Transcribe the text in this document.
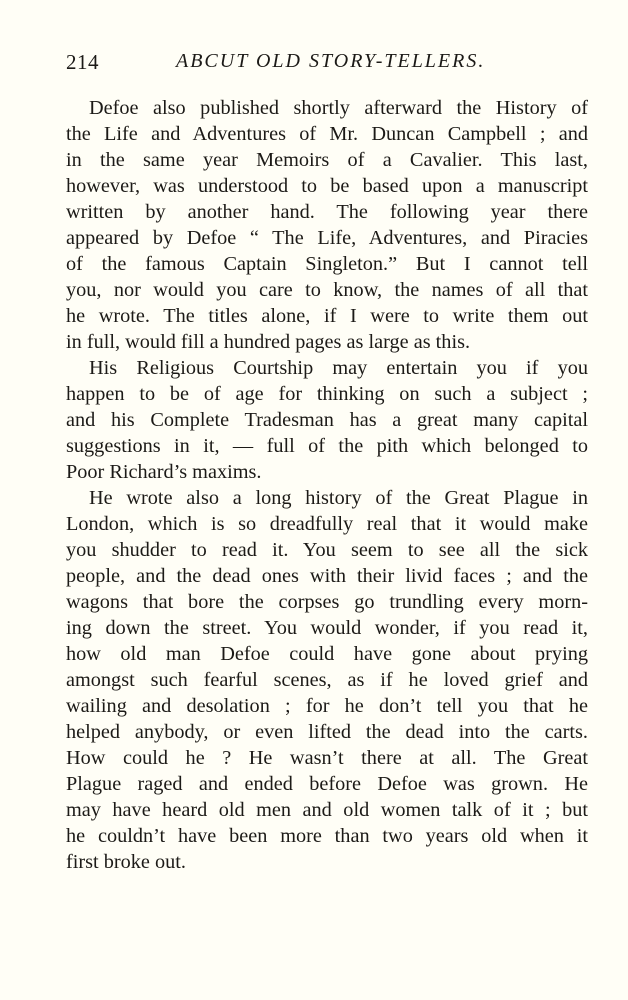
214	ABCUT OLD STORY-TELLERS.
Defoe also published shortly afterward the History of
the Life and Adventures of Mr. Duncan Campbell ; and
in the same year Memoirs of a Cavalier. This last,
however, was understood to be based upon a manuscript
written by another hand. The following year there
appeared by Defoe “ The Life, Adventures, and Piracies
of the famous Captain Singleton.” But I cannot tell
you, nor would you care to know, the names of all that
he wrote. The titles alone, if I were to write them out
in full, would fill a hundred pages as large as this.
His Religious Courtship may entertain you if you
happen to be of age for thinking on such a subject ;
and his Complete Tradesman has a great many capital
suggestions in it, — full of the pith which belonged to
Poor Richard’s maxims.
He wrote also a long history of the Great Plague in
London, which is so dreadfully real that it would make
you shudder to read it. You seem to see all the sick
people, and the dead ones with their livid faces ; and the
wagons that bore the corpses go trundling every morn-
ing down the street. You would wonder, if you read it,
how old man Defoe could have gone about prying
amongst such fearful scenes, as if he loved grief and
wailing and desolation ; for he don’t tell you that he
helped anybody, or even lifted the dead into the carts.
How could he ? He wasn’t there at all. The Great
Plague raged and ended before Defoe was grown. He
may have heard old men and old women talk of it ; but
he couldn’t have been more than two years old when it
first broke out.
